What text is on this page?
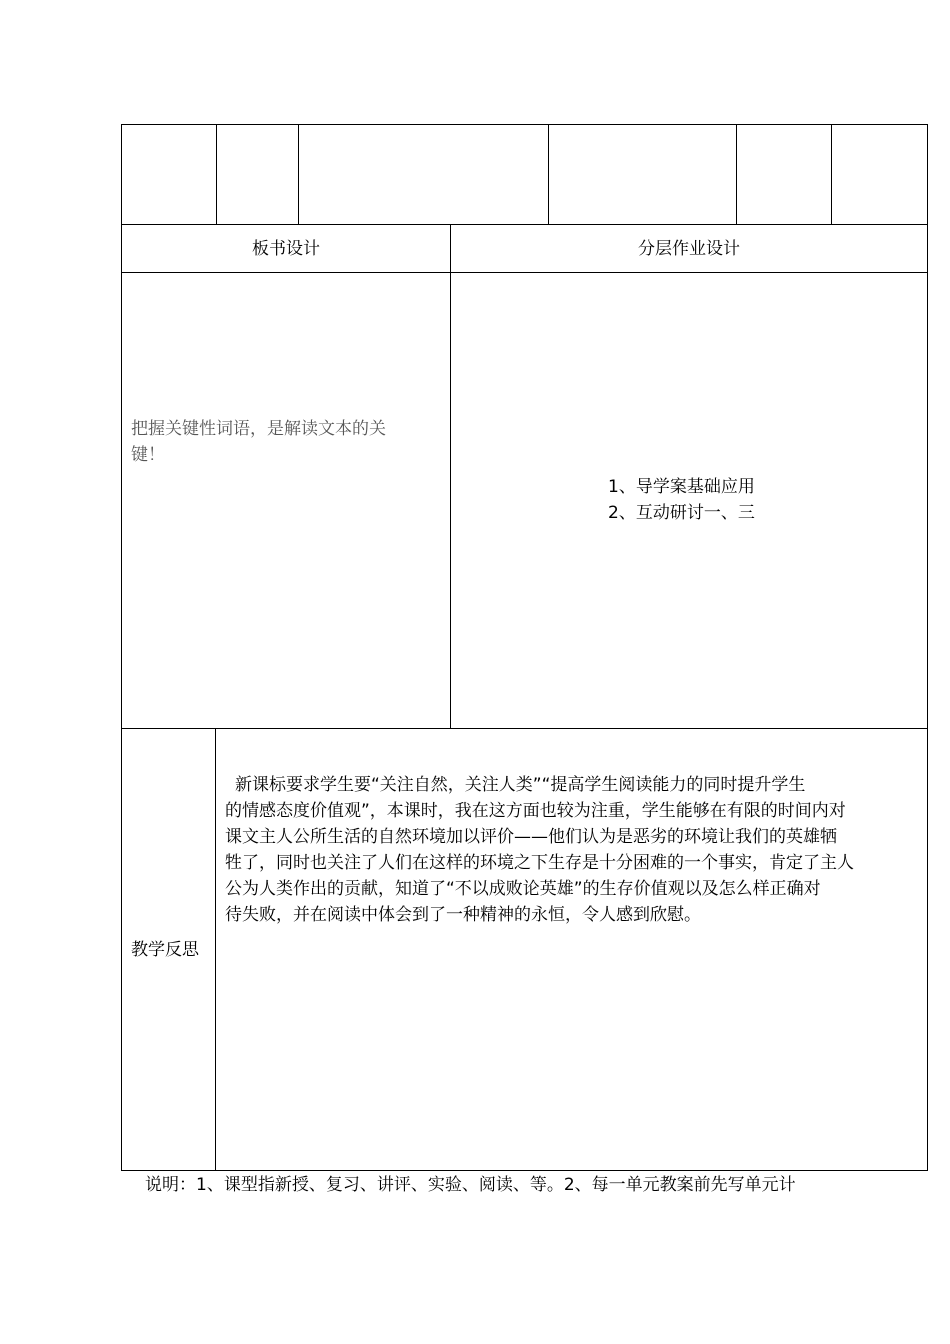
板书设计	分层作业设计
把握关键性词语，是解读文本的关
键！
1、导学案基础应用
2、互动研讨一、三
教学反思
新课标要求学生要“关注自然，关注人类”“提高学生阅读能力的同时提升学生
的情感态度价值观”，本课时，我在这方面也较为注重，学生能够在有限的时间内对
课文主人公所生活的自然环境加以评价——他们认为是恶劣的环境让我们的英雄牺
牲了，同时也关注了人们在这样的环境之下生存是十分困难的一个事实，肯定了主人
公为人类作出的贡献，知道了“不以成败论英雄”的生存价值观以及怎么样正确对
待失败，并在阅读中体会到了一种精神的永恒，令人感到欣慰。
说明：1、课型指新授、复习、讲评、实验、阅读、等。2、每一单元教案前先写单元计
